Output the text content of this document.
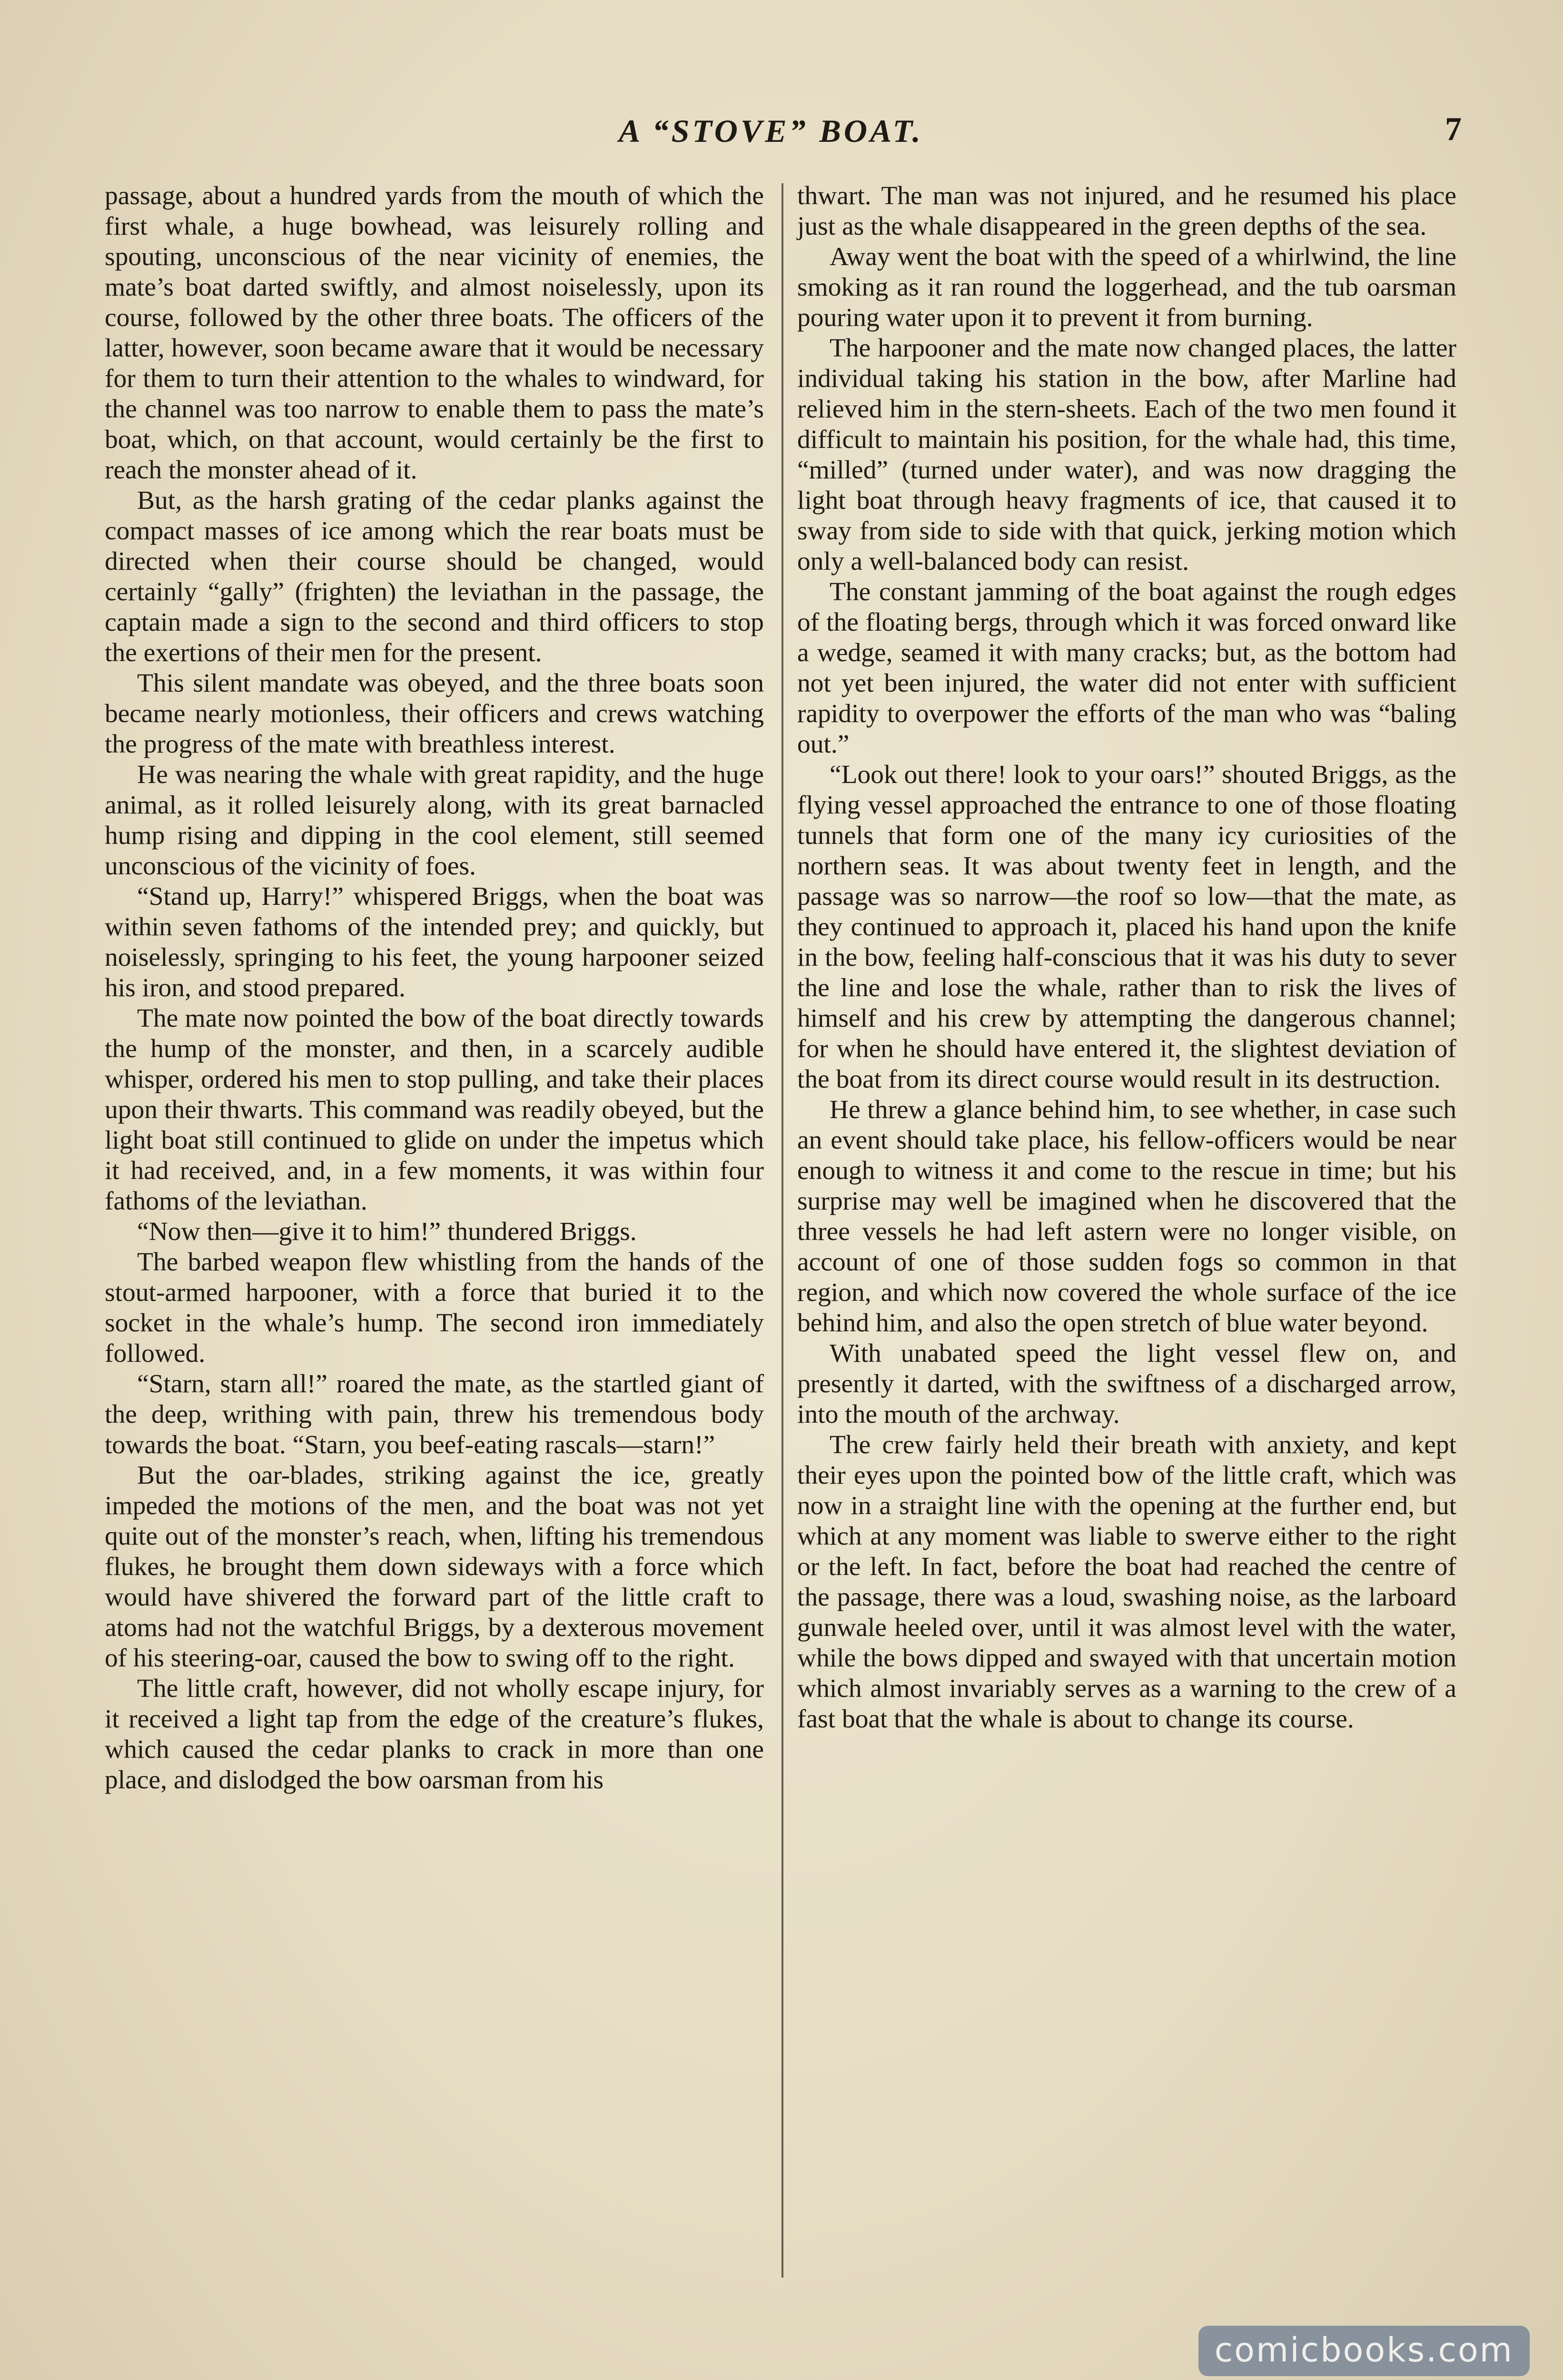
A “STOVE” BOAT.	7

passage, about a hundred yards from the mouth of which the first whale, a huge bowhead, was leisurely rolling and spouting, unconscious of the near vicinity of enemies, the mate’s boat darted swiftly, and almost noiselessly, upon its course, followed by the other three boats. The officers of the latter, however, soon became aware that it would be necessary for them to turn their attention to the whales to windward, for the channel was too narrow to enable them to pass the mate’s boat, which, on that account, would certainly be the first to reach the monster ahead of it.

But, as the harsh grating of the cedar planks against the compact masses of ice among which the rear boats must be directed when their course should be changed, would certainly “gally” (frighten) the leviathan in the passage, the captain made a sign to the second and third officers to stop the exertions of their men for the present.

This silent mandate was obeyed, and the three boats soon became nearly motionless, their officers and crews watching the progress of the mate with breathless interest.

He was nearing the whale with great rapidity, and the huge animal, as it rolled leisurely along, with its great barnacled hump rising and dipping in the cool element, still seemed unconscious of the vicinity of foes.

“Stand up, Harry!” whispered Briggs, when the boat was within seven fathoms of the intended prey; and quickly, but noiselessly, springing to his feet, the young harpooner seized his iron, and stood prepared.

The mate now pointed the bow of the boat directly towards the hump of the monster, and then, in a scarcely audible whisper, ordered his men to stop pulling, and take their places upon their thwarts. This command was readily obeyed, but the light boat still continued to glide on under the impetus which it had received, and, in a few moments, it was within four fathoms of the leviathan.

“Now then—give it to him!” thundered Briggs.

The barbed weapon flew whistling from the hands of the stout-armed harpooner, with a force that buried it to the socket in the whale’s hump. The second iron immediately followed.

“Starn, starn all!” roared the mate, as the startled giant of the deep, writhing with pain, threw his tremendous body towards the boat. “Starn, you beef-eating rascals—starn!”

But the oar-blades, striking against the ice, greatly impeded the motions of the men, and the boat was not yet quite out of the monster’s reach, when, lifting his tremendous flukes, he brought them down sideways with a force which would have shivered the forward part of the little craft to atoms had not the watchful Briggs, by a dexterous movement of his steering-oar, caused the bow to swing off to the right.

The little craft, however, did not wholly escape injury, for it received a light tap from the edge of the creature’s flukes, which caused the cedar planks to crack in more than one place, and dislodged the bow oarsman from his

thwart. The man was not injured, and he resumed his place just as the whale disappeared in the green depths of the sea.

Away went the boat with the speed of a whirlwind, the line smoking as it ran round the loggerhead, and the tub oarsman pouring water upon it to prevent it from burning.

The harpooner and the mate now changed places, the latter individual taking his station in the bow, after Marline had relieved him in the stern-sheets. Each of the two men found it difficult to maintain his position, for the whale had, this time, “milled” (turned under water), and was now dragging the light boat through heavy fragments of ice, that caused it to sway from side to side with that quick, jerking motion which only a well-balanced body can resist.

The constant jamming of the boat against the rough edges of the floating bergs, through which it was forced onward like a wedge, seamed it with many cracks; but, as the bottom had not yet been injured, the water did not enter with sufficient rapidity to overpower the efforts of the man who was “baling out.”

“Look out there! look to your oars!” shouted Briggs, as the flying vessel approached the entrance to one of those floating tunnels that form one of the many icy curiosities of the northern seas. It was about twenty feet in length, and the passage was so narrow—the roof so low—that the mate, as they continued to approach it, placed his hand upon the knife in the bow, feeling half-conscious that it was his duty to sever the line and lose the whale, rather than to risk the lives of himself and his crew by attempting the dangerous channel; for when he should have entered it, the slightest deviation of the boat from its direct course would result in its destruction.

He threw a glance behind him, to see whether, in case such an event should take place, his fellow-officers would be near enough to witness it and come to the rescue in time; but his surprise may well be imagined when he discovered that the three vessels he had left astern were no longer visible, on account of one of those sudden fogs so common in that region, and which now covered the whole surface of the ice behind him, and also the open stretch of blue water beyond.

With unabated speed the light vessel flew on, and presently it darted, with the swiftness of a discharged arrow, into the mouth of the archway.

The crew fairly held their breath with anxiety, and kept their eyes upon the pointed bow of the little craft, which was now in a straight line with the opening at the further end, but which at any moment was liable to swerve either to the right or the left. In fact, before the boat had reached the centre of the passage, there was a loud, swashing noise, as the larboard gunwale heeled over, until it was almost level with the water, while the bows dipped and swayed with that uncertain motion which almost invariably serves as a warning to the crew of a fast boat that the whale is about to change its course.

comicbooks.com
